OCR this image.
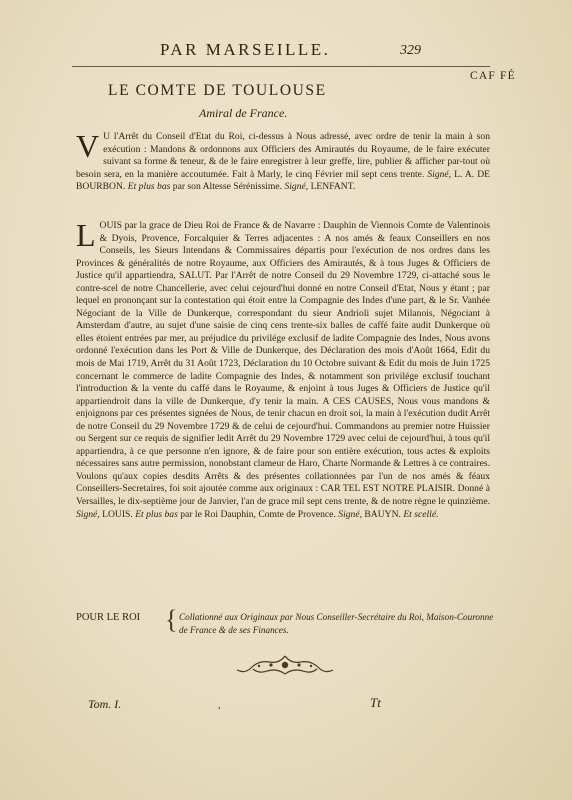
PAR MARSEILLE.	329
CAF FÉ
LE COMTE DE TOULOUSE
Amiral de France.

V U l'Arrêt du Conseil d'Etat du Roi, ci-dessus à Nous adressé, avec ordre de tenir la main à son exécution : Mandons & ordonnons aux Officiers des Amirautés du Royaume, de le faire exécuter suivant sa forme & teneur, & de le faire enregistrer à leur greffe, lire, publier & afficher par-tout où besoin sera, en la manière accoutumée. Fait à Marly, le cinq Février mil sept cens trente. Signé, L. A. DE BOURBON. Et plus bas par son Altesse Sérénissime. Signé, LENFANT.

LOUIS par la grace de Dieu Roi de France & de Navarre : Dauphin de Viennois Comte de Valentinois & Dyois, Provence, Forcalquier & Terres adjacentes : A nos amés & feaux Conseillers en nos Conseils, les Sieurs Intendans & Commissaires départis pour l'exécution de nos ordres dans les Provinces & généralités de notre Royaume, aux Officiers des Amirautés, & à tous Juges & Officiers de Justice qu'il appartiendra, SALUT. Par l'Arrêt de notre Conseil du 29 Novembre 1729, ci-attaché sous le contre-scel de notre Chancellerie, avec celui cejourd'hui donné en notre Conseil d'Etat, Nous y étant ; par lequel en prononçant sur la contestation qui étoit entre la Compagnie des Indes d'une part, & le Sr. Vanhée Négociant de la Ville de Dunkerque, correspondant du sieur Andrioli sujet Milanois, Négociant à Amsterdam d'autre, au sujet d'une saisie de cinq cens trente-six balles de caffé faite audit Dunkerque où elles étoient entrées par mer, au préjudice du privilége exclusif de ladite Compagnie des Indes, Nous avons ordonné l'exécution dans les Port & Ville de Dunkerque, des Déclaration des mois d'Août 1664, Edit du mois de Mai 1719, Arrêt du 31 Août 1723, Déclaration du 10 Octobre suivant & Edit du mois de Juin 1725 concernant le commerce de ladite Compagnie des Indes, & notamment son privilége exclusif touchant l'introduction & la vente du caffé dans le Royaume, & enjoint à tous Juges & Officiers de Justice qu'il appartiendroit dans la ville de Dunkerque, d'y tenir la main. A CES CAUSES, Nous vous mandons & enjoignons par ces présentes signées de Nous, de tenir chacun en droit soi, la main à l'exécution dudit Arrêt de notre Conseil du 29 Novembre 1729 & de celui de cejourd'hui. Commandons au premier notre Huissier ou Sergent sur ce requis de signifier ledit Arrêt du 29 Novembre 1729 avec celui de cejourd'hui, à tous qu'il appartiendra, à ce que personne n'en ignore, & de faire pour son entière exécution, tous actes & exploits nécessaires sans autre permission, nonobstant clameur de Haro, Charte Normande & Lettres à ce contraires. Voulons qu'aux copies desdits Arrêts & des présentes collationnées par l'un de nos amés & féaux Conseillers-Secretaires, foi soit ajoutée comme aux originaux : CAR TEL EST NOTRE PLAISIR. Donné à Versailles, le dix-septième jour de Janvier, l'an de grace mil sept cens trente, & de notre règne le quinzième. Signé, LOUIS. Et plus bas par le Roi Dauphin, Comte de Provence. Signé, BAUYN. Et scellé.

POUR LE ROI { Collationné aux Originaux par Nous Conseiller-Secrétaire du Roi, Maison-Couronne de France & de ses Finances.
Tom. I.	,	Tt
